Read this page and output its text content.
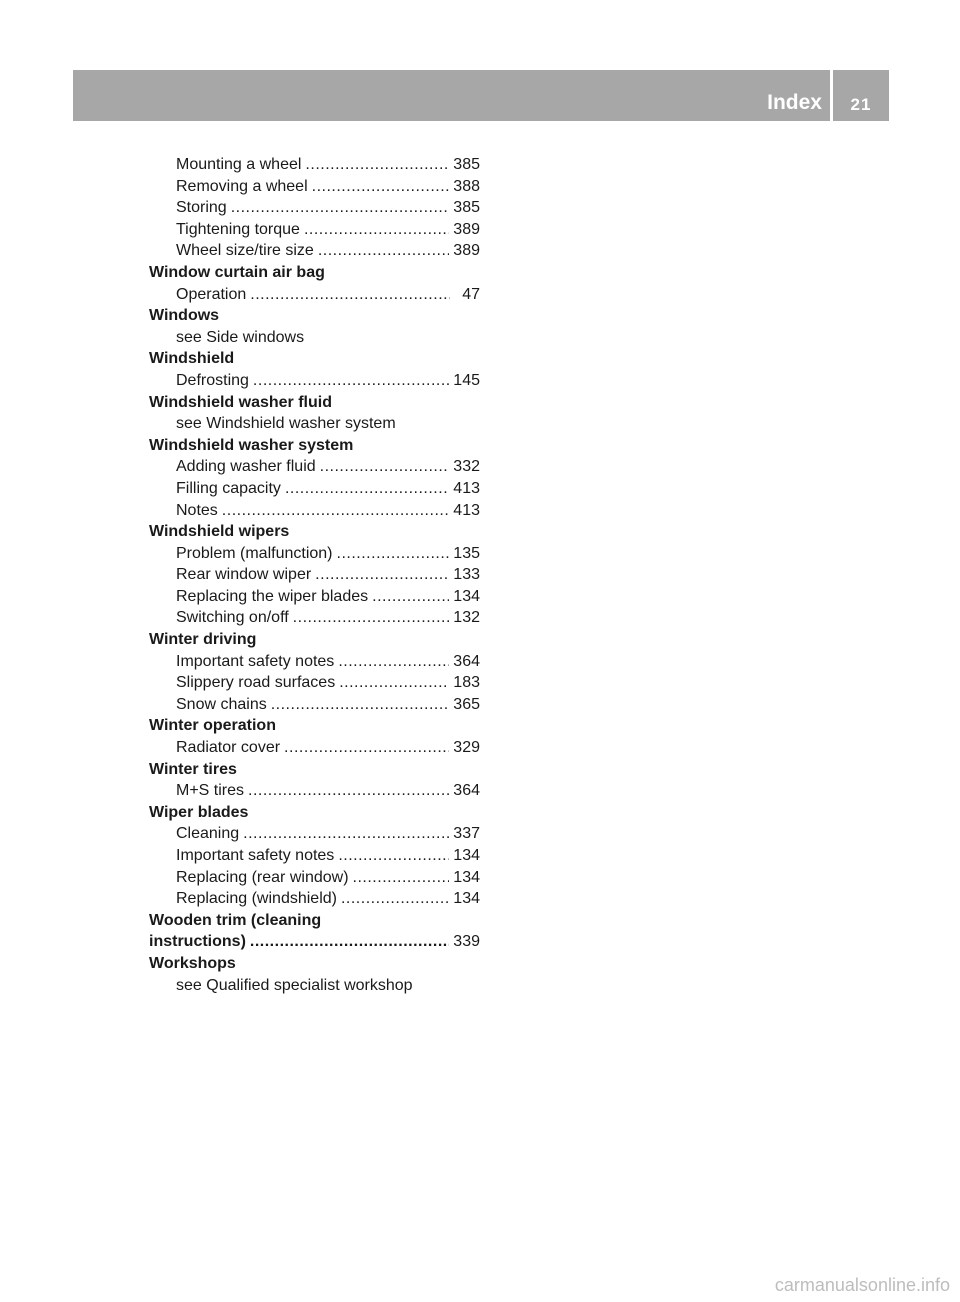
Index	21
Mounting a wheel .....	385
Removing a wheel .....	388
Storing .....	385
Tightening torque .....	389
Wheel size/tire size .....	389
Window curtain air bag
Operation .....	47
Windows
see Side windows
Windshield
Defrosting .....	145
Windshield washer fluid
see Windshield washer system
Windshield washer system
Adding washer fluid .....	332
Filling capacity .....	413
Notes .....	413
Windshield wipers
Problem (malfunction) .....	135
Rear window wiper .....	133
Replacing the wiper blades .....	134
Switching on/off .....	132
Winter driving
Important safety notes .....	364
Slippery road surfaces .....	183
Snow chains .....	365
Winter operation
Radiator cover .....	329
Winter tires
M+S tires .....	364
Wiper blades
Cleaning .....	337
Important safety notes .....	134
Replacing (rear window) .....	134
Replacing (windshield) .....	134
Wooden trim (cleaning
instructions) .....	339
Workshops
see Qualified specialist workshop
carmanualsonline.info
